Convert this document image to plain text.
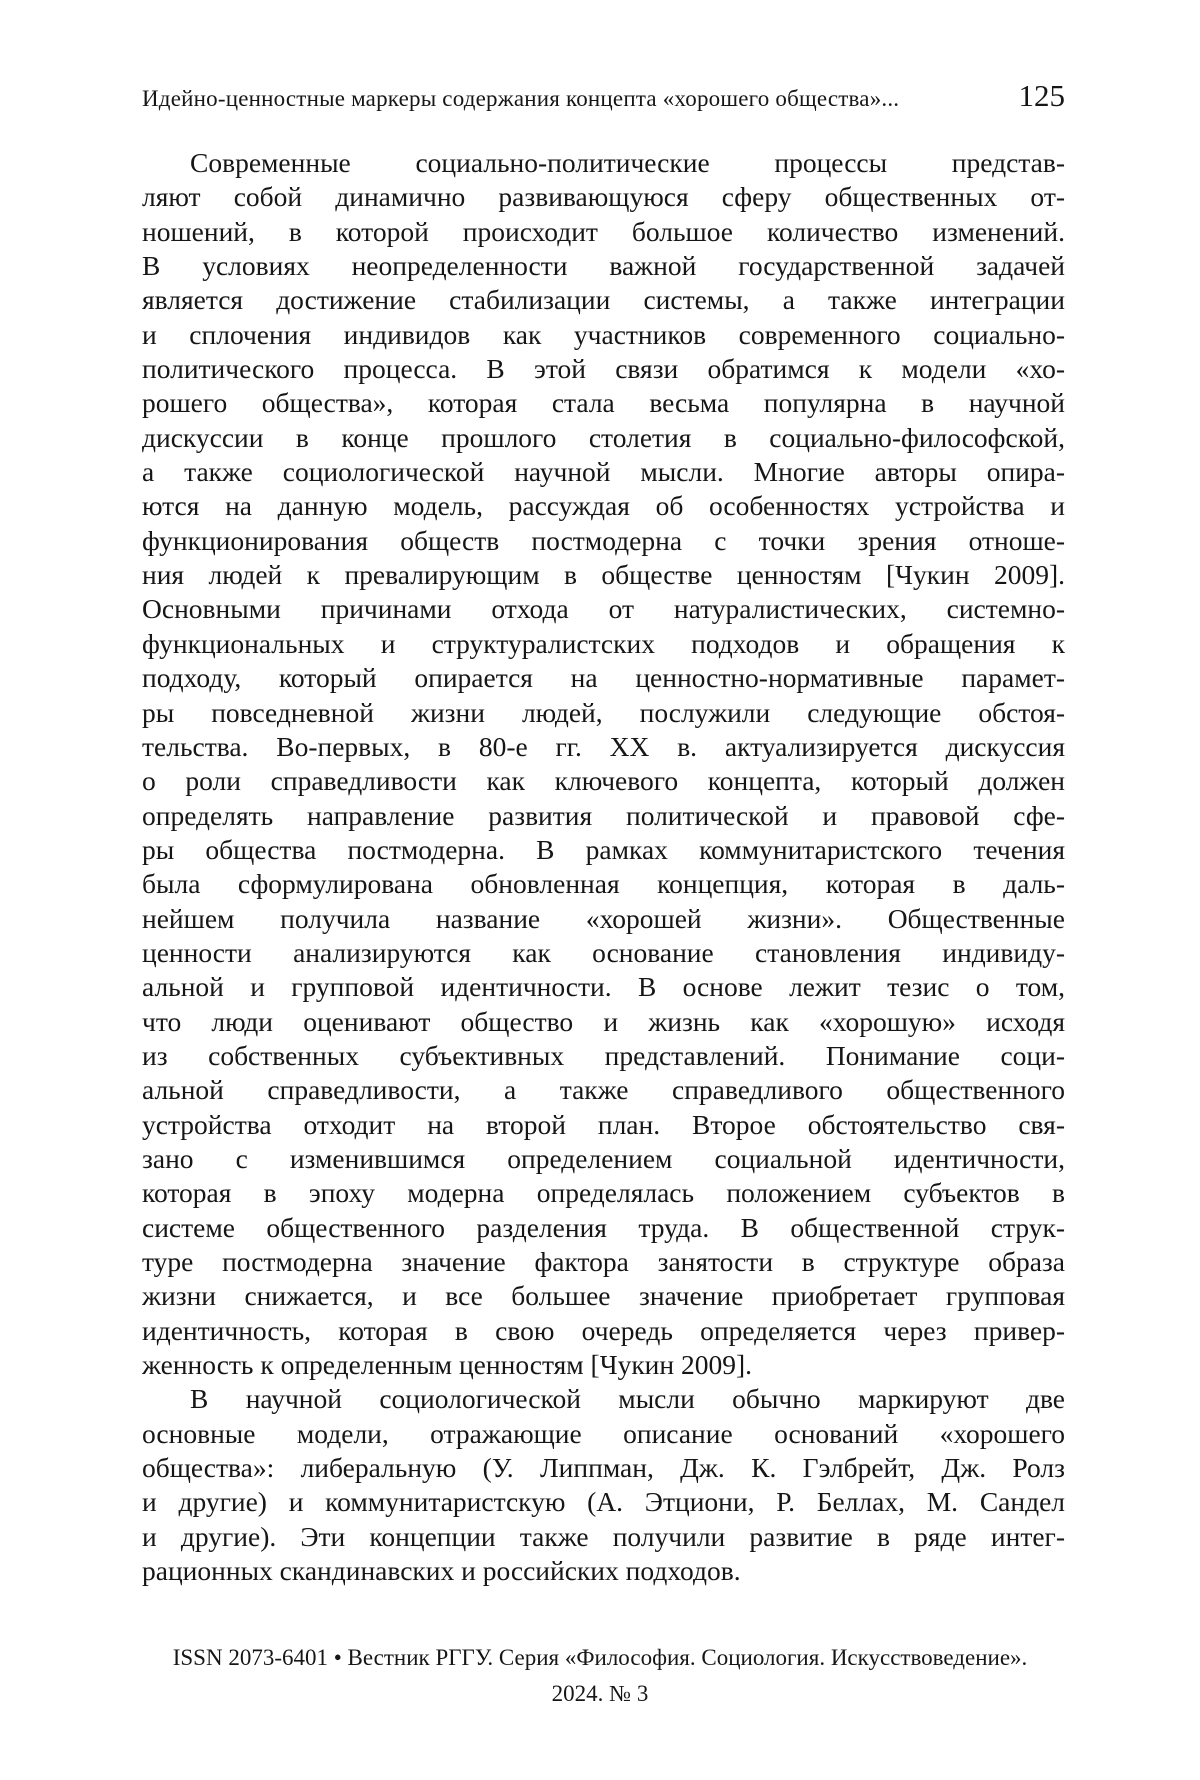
Идейно-ценностные маркеры содержания концепта «хорошего общества»...	125
Современные социально-политические процессы представ-
ляют собой динамично развивающуюся сферу общественных от-
ношений, в которой происходит большое количество изменений.
В условиях неопределенности важной государственной задачей
является достижение стабилизации системы, а также интеграции
и сплочения индивидов как участников современного социально-
политического процесса. В этой связи обратимся к модели «хо-
рошего общества», которая стала весьма популярна в научной
дискуссии в конце прошлого столетия в социально-философской,
а также социологической научной мысли. Многие авторы опира-
ются на данную модель, рассуждая об особенностях устройства и
функционирования обществ постмодерна с точки зрения отноше-
ния людей к превалирующим в обществе ценностям [Чукин 2009].
Основными причинами отхода от натуралистических, системно-
функциональных и структуралистских подходов и обращения к
подходу, который опирается на ценностно-нормативные парамет-
ры повседневной жизни людей, послужили следующие обстоя-
тельства. Во-первых, в 80-е гг. XX в. актуализируется дискуссия
о роли справедливости как ключевого концепта, который должен
определять направление развития политической и правовой сфе-
ры общества постмодерна. В рамках коммунитаристского течения
была сформулирована обновленная концепция, которая в даль-
нейшем получила название «хорошей жизни». Общественные
ценности анализируются как основание становления индивиду-
альной и групповой идентичности. В основе лежит тезис о том,
что люди оценивают общество и жизнь как «хорошую» исходя
из собственных субъективных представлений. Понимание соци-
альной справедливости, а также справедливого общественного
устройства отходит на второй план. Второе обстоятельство свя-
зано с изменившимся определением социальной идентичности,
которая в эпоху модерна определялась положением субъектов в
системе общественного разделения труда. В общественной струк-
туре постмодерна значение фактора занятости в структуре образа
жизни снижается, и все большее значение приобретает групповая
идентичность, которая в свою очередь определяется через привер-
женность к определенным ценностям [Чукин 2009].
В научной социологической мысли обычно маркируют две
основные модели, отражающие описание оснований «хорошего
общества»: либеральную (У. Липпман, Дж. К. Гэлбрейт, Дж. Ролз
и другие) и коммунитаристскую (А. Этциони, Р. Беллах, М. Сандел
и другие). Эти концепции также получили развитие в ряде интег-
рационных скандинавских и российских подходов.
ISSN 2073-6401 • Вестник РГГУ. Серия «Философия. Социология. Искусствоведение».
2024. № 3
